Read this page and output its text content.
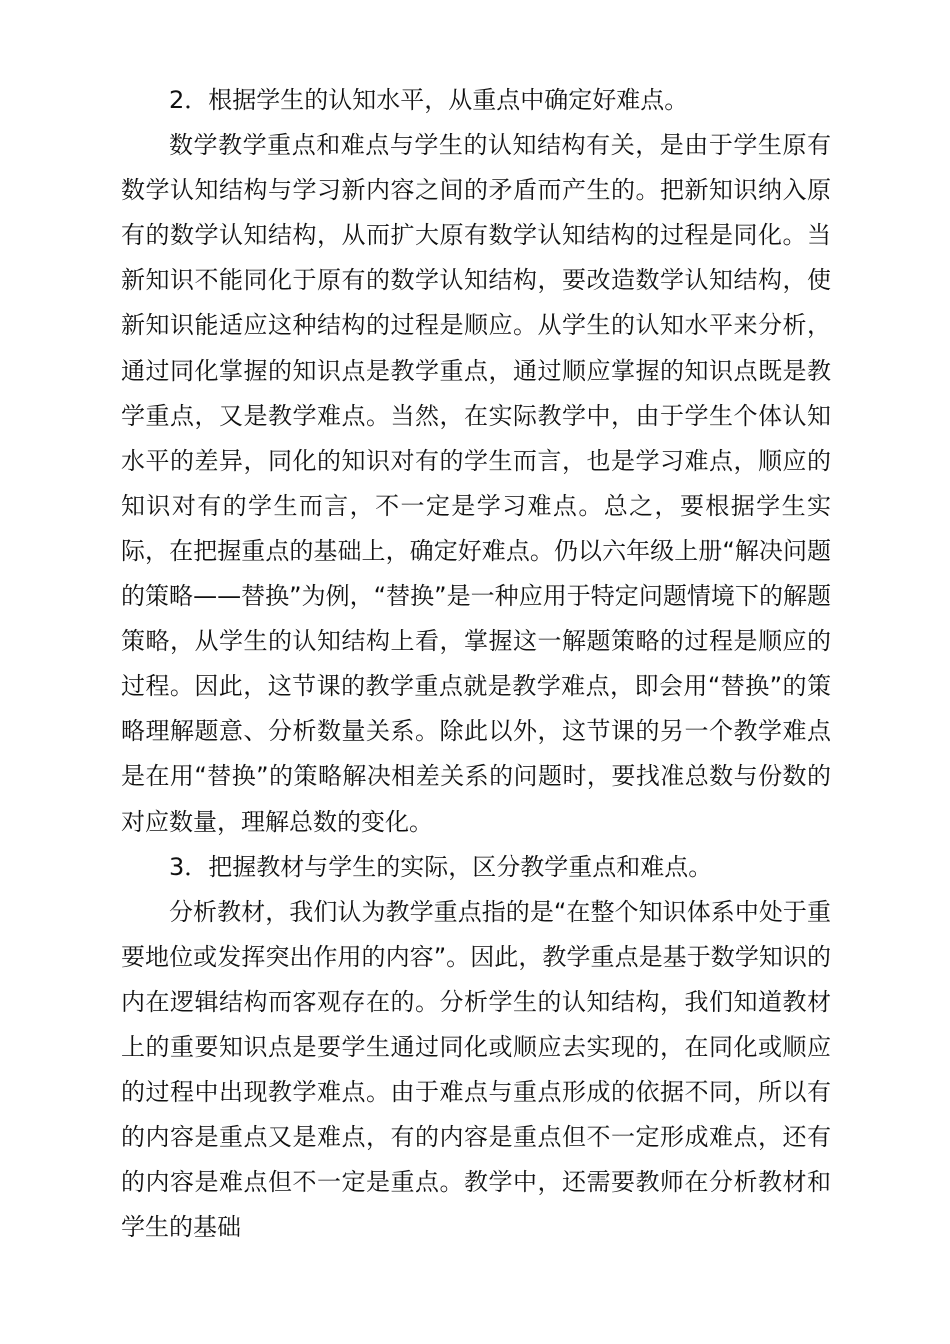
2．根据学生的认知水平，从重点中确定好难点。

数学教学重点和难点与学生的认知结构有关，是由于学生原有数学认知结构与学习新内容之间的矛盾而产生的。把新知识纳入原有的数学认知结构，从而扩大原有数学认知结构的过程是同化。当新知识不能同化于原有的数学认知结构，要改造数学认知结构，使新知识能适应这种结构的过程是顺应。从学生的认知水平来分析，通过同化掌握的知识点是教学重点，通过顺应掌握的知识点既是教学重点，又是教学难点。当然，在实际教学中，由于学生个体认知水平的差异，同化的知识对有的学生而言，也是学习难点，顺应的知识对有的学生而言，不一定是学习难点。总之，要根据学生实际，在把握重点的基础上，确定好难点。仍以六年级上册“解决问题的策略——替换”为例，“替换”是一种应用于特定问题情境下的解题策略，从学生的认知结构上看，掌握这一解题策略的过程是顺应的过程。因此，这节课的教学重点就是教学难点，即会用“替换”的策略理解题意、分析数量关系。除此以外，这节课的另一个教学难点是在用“替换”的策略解决相差关系的问题时，要找准总数与份数的对应数量，理解总数的变化。

3．把握教材与学生的实际，区分教学重点和难点。

分析教材，我们认为教学重点指的是“在整个知识体系中处于重要地位或发挥突出作用的内容”。因此，教学重点是基于数学知识的内在逻辑结构而客观存在的。分析学生的认知结构，我们知道教材上的重要知识点是要学生通过同化或顺应去实现的，在同化或顺应的过程中出现教学难点。由于难点与重点形成的依据不同，所以有的内容是重点又是难点，有的内容是重点但不一定形成难点，还有的内容是难点但不一定是重点。教学中，还需要教师在分析教材和学生的基础
